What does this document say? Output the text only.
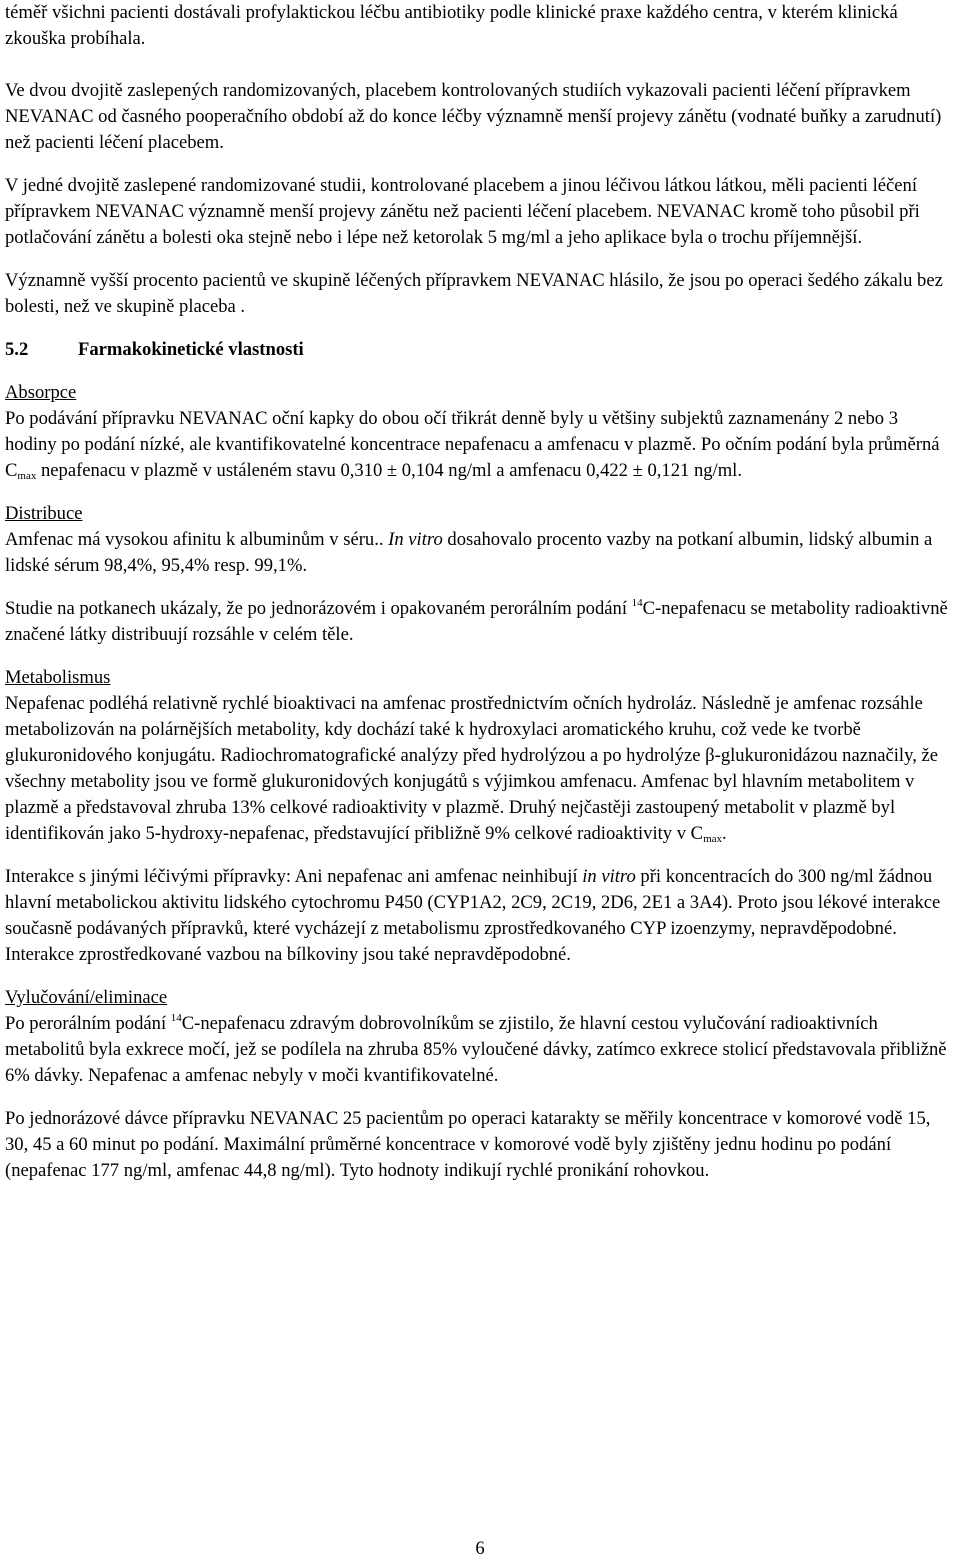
téměř všichni pacienti dostávali profylaktickou léčbu antibiotiky podle klinické praxe každého centra, v kterém klinická zkouška probíhala.

Ve dvou dvojitě zaslepených randomizovaných, placebem kontrolovaných studiích vykazovali pacienti léčení přípravkem NEVANAC od časného pooperačního období až do konce léčby významně menší projevy zánětu (vodnaté buňky a zarudnutí) než pacienti léčení placebem.

V jedné dvojitě zaslepené randomizované studii, kontrolované placebem a jinou léčivou látkou látkou, měli pacienti léčení přípravkem NEVANAC významně menší projevy zánětu než pacienti léčení placebem. NEVANAC kromě toho působil při potlačování zánětu a bolesti oka stejně nebo i lépe než ketorolak 5 mg/ml a jeho aplikace byla o trochu příjemnější.

Významně vyšší procento pacientů ve skupině léčených přípravkem NEVANAC hlásilo, že jsou po operaci šedého zákalu bez bolesti, než ve skupině placeba .

5.2	Farmakokinetické vlastnosti

Absorpce

Po podávání přípravku NEVANAC oční kapky do obou očí třikrát denně byly u většiny subjektů zaznamenány 2 nebo 3 hodiny po podání nízké, ale kvantifikovatelné koncentrace nepafenacu a amfenacu v plazmě. Po očním podání byla průměrná $C_{max}$ nepafenacu v plazmě v ustáleném stavu 0,310 ± 0,104 ng/ml a amfenacu 0,422 ± 0,121 ng/ml.

Distribuce

Amfenac má vysokou afinitu k albuminům v séru.. In vitro dosahovalo procento vazby na potkaní albumin, lidský albumin a lidské sérum 98,4%, 95,4% resp. 99,1%.

Studie na potkanech ukázaly, že po jednorázovém i opakovaném perorálním podání $^{14}$C-nepafenacu se metabolity radioaktivně značené látky distribuují rozsáhle v celém těle.

Metabolismus

Nepafenac podléhá relativně rychlé bioaktivaci na amfenac prostřednictvím očních hydroláz. Následně je amfenac rozsáhle metabolizován na polárnějších metabolity, kdy dochází také k hydroxylaci aromatického kruhu, což vede ke tvorbě glukuronidového konjugátu. Radiochromatografické analýzy před hydrolýzou a po hydrolýze β-glukuronidázou naznačily, že všechny metabolity jsou ve formě glukuronidových konjugátů s výjimkou amfenacu. Amfenac byl hlavním metabolitem v plazmě a představoval zhruba 13% celkové radioaktivity v plazmě. Druhý nejčastěji zastoupený metabolit v plazmě byl identifikován jako 5-hydroxy-nepafenac, představující přibližně 9% celkové radioaktivity v $C_{max}$.

Interakce s jinými léčivými přípravky: Ani nepafenac ani amfenac neinhibují in vitro při koncentracích do 300 ng/ml žádnou hlavní metabolickou aktivitu lidského cytochromu P450 (CYP1A2, 2C9, 2C19, 2D6, 2E1 a 3A4). Proto jsou lékové interakce současně podávaných přípravků, které vycházejí z metabolismu zprostředkovaného CYP izoenzymy, nepravděpodobné. Interakce zprostředkované vazbou na bílkoviny jsou také nepravděpodobné.

Vylučování/eliminace

Po perorálním podání $^{14}$C-nepafenacu zdravým dobrovolníkům se zjistilo, že hlavní cestou vylučování radioaktivních metabolitů byla exkrece močí, jež se podílela na zhruba 85% vyloučené dávky, zatímco exkrece stolicí představovala přibližně 6% dávky. Nepafenac a amfenac nebyly v moči kvantifikovatelné.

Po jednorázové dávce přípravku NEVANAC 25 pacientům po operaci katarakty se měřily koncentrace v komorové vodě 15, 30, 45 a 60 minut po podání. Maximální průměrné koncentrace v komorové vodě byly zjištěny jednu hodinu po podání (nepafenac 177 ng/ml, amfenac 44,8 ng/ml). Tyto hodnoty indikují rychlé pronikání rohovkou.

6
